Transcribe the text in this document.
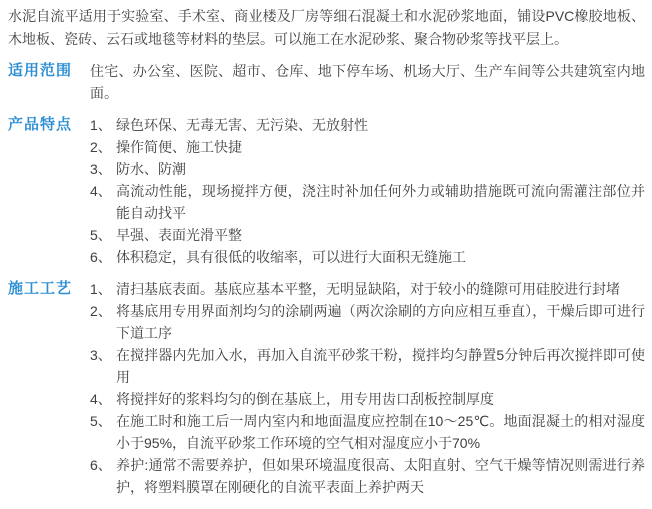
水泥自流平适用于实验室、手术室、商业楼及厂房等细石混凝土和水泥砂浆地面，铺设PVC橡胶地板、木地板、瓷砖、云石或地毯等材料的垫层。可以施工在水泥砂浆、聚合物砂浆等找平层上。

适用范围	住宅、办公室、医院、超市、仓库、地下停车场、机场大厅、生产车间等公共建筑室内地面。

产品特点	1、 绿色环保、无毒无害、无污染、无放射性
2、 操作简便、施工快捷
3、 防水、防潮
4、 高流动性能，现场搅拌方便，浇注时补加任何外力或辅助措施既可流向需灌注部位并能自动找平
5、 早强、表面光滑平整
6、 体积稳定，具有很低的收缩率，可以进行大面积无缝施工
施工工艺	1、 清扫基底表面。基底应基本平整，无明显缺陷，对于较小的缝隙可用硅胶进行封堵
2、 将基底用专用界面剂均匀的涂刷两遍（两次涂刷的方向应相互垂直），干燥后即可进行下道工序
3、 在搅拌器内先加入水，再加入自流平砂浆干粉，搅拌均匀静置5分钟后再次搅拌即可使用
4、 将搅拌好的浆料均匀的倒在基底上，用专用齿口刮板控制厚度
5、 在施工时和施工后一周内室内和地面温度应控制在10～25℃。地面混凝土的相对湿度小于95%，自流平砂浆工作环境的空气相对湿度应小于70%
6、 养护:通常不需要养护，但如果环境温度很高、太阳直射、空气干燥等情况则需进行养护，将塑料膜罩在刚硬化的自流平表面上养护两天
